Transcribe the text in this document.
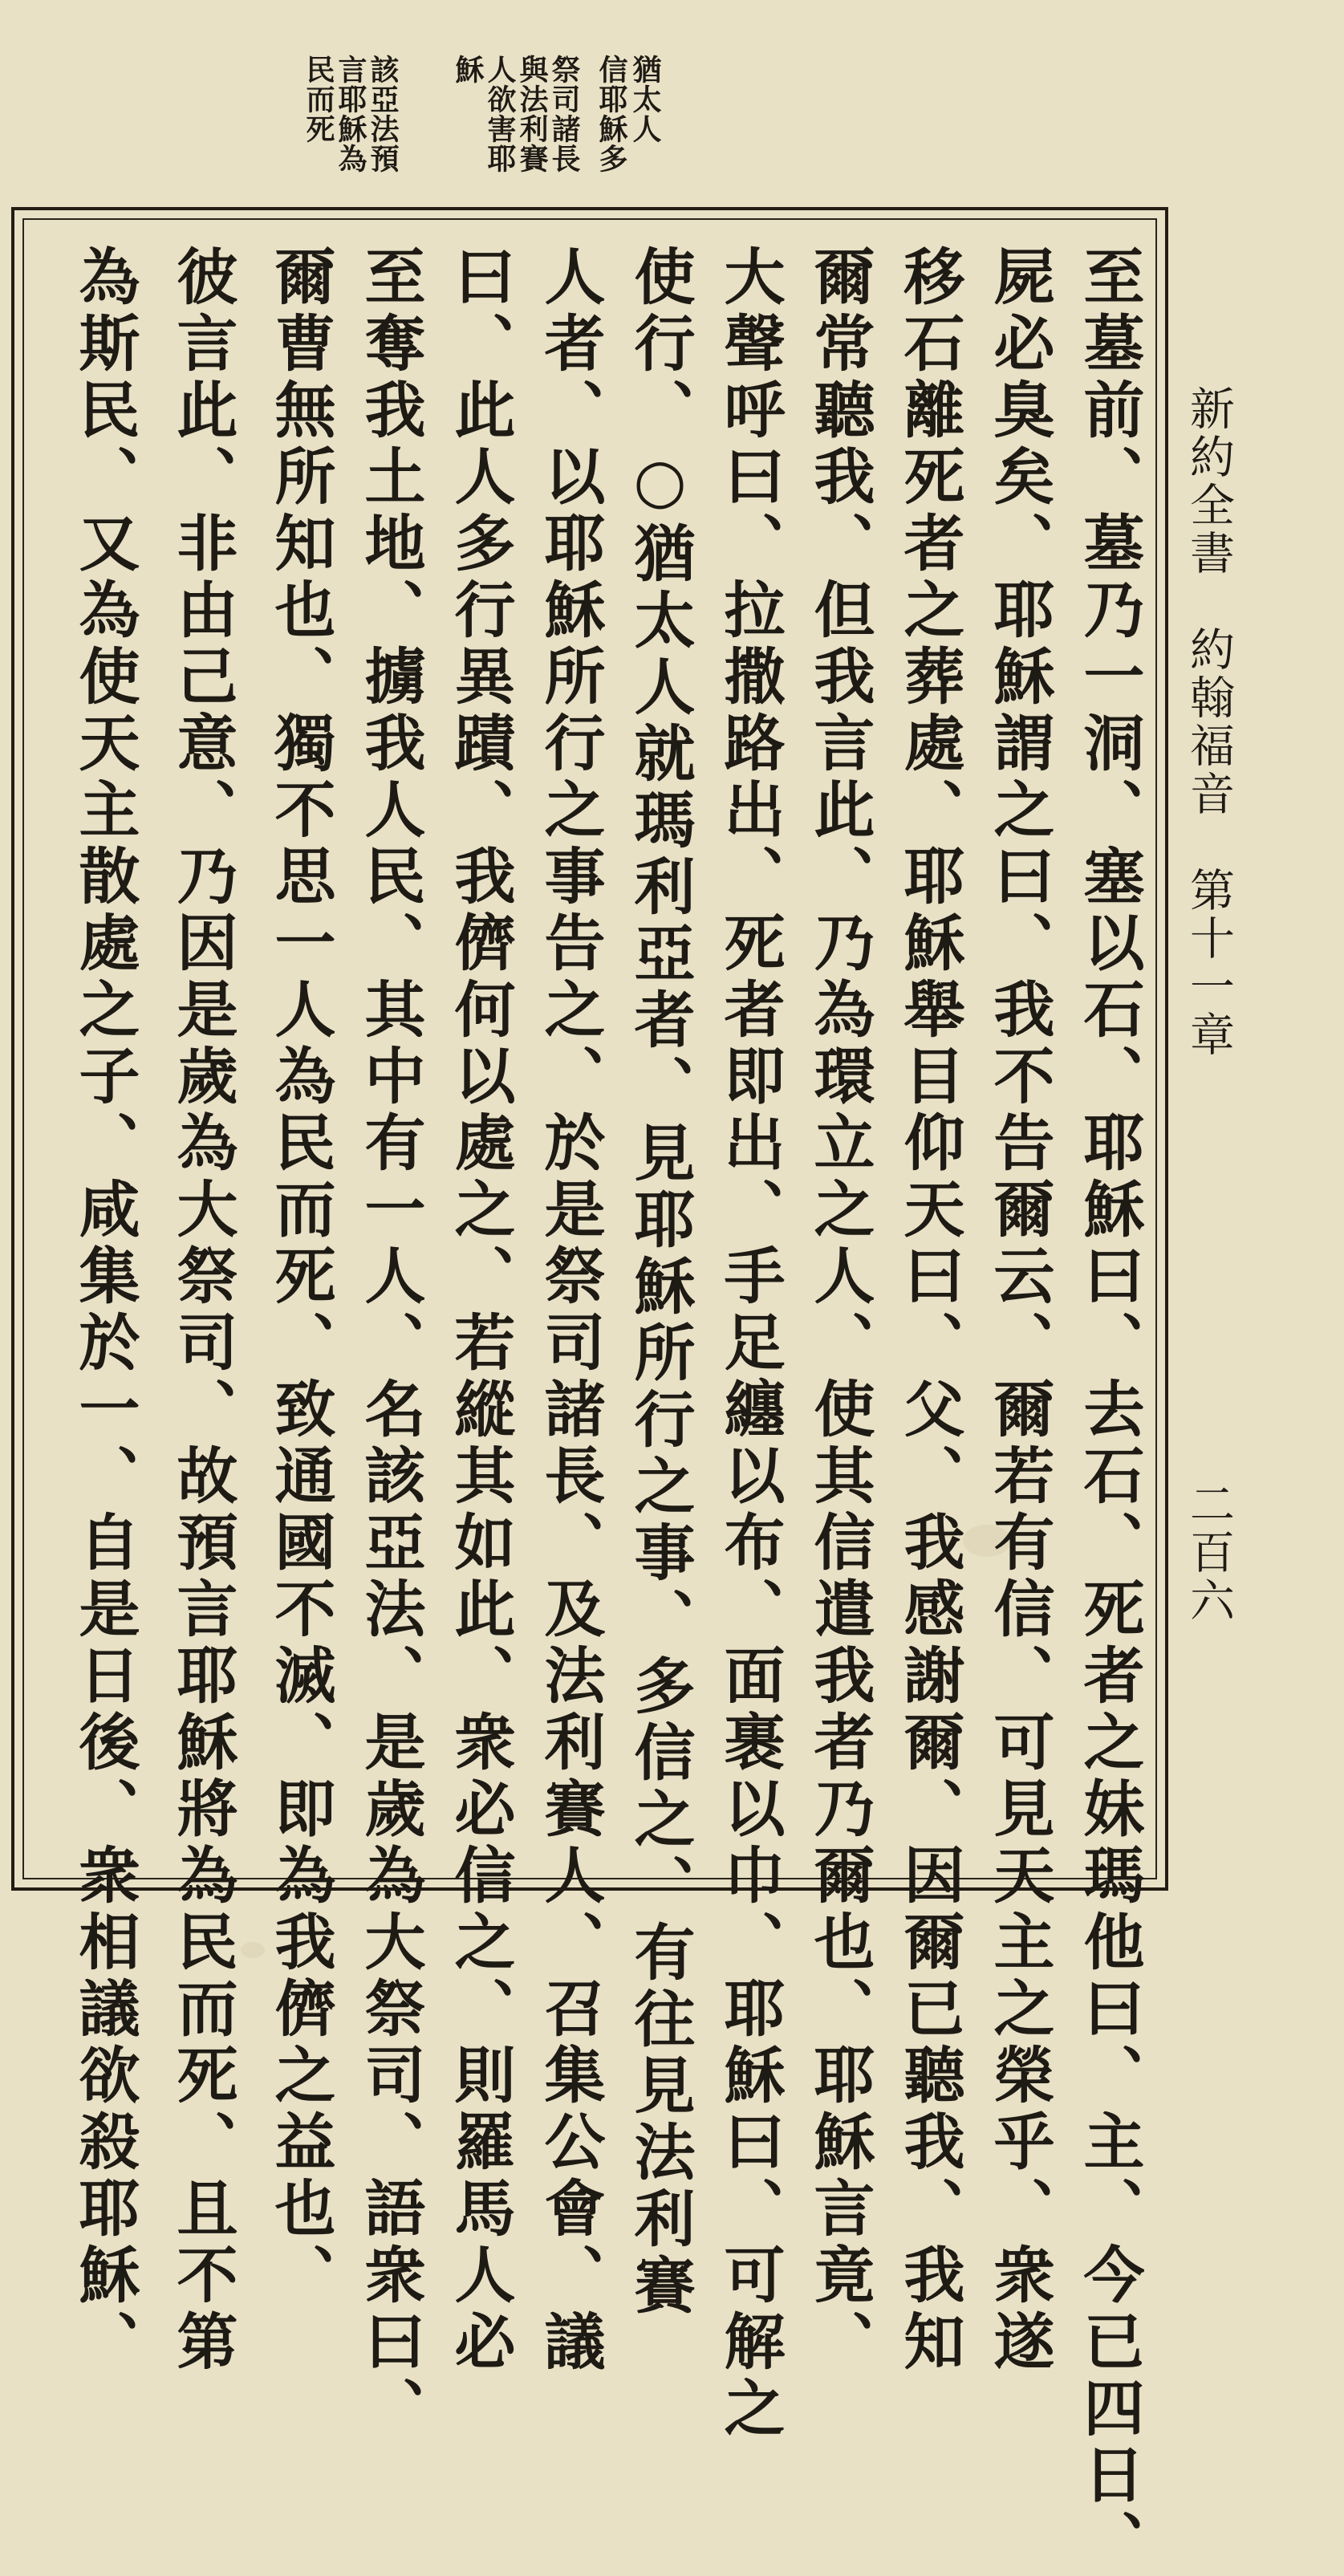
猶太人
信耶穌多
祭司諸長
與法利賽
人欲害耶
穌
該亞法預
言耶穌為
民而死
新約全書　約翰福音　第十一章
二百六
至墓前、墓乃一洞、塞以石、耶穌曰、去石、死者之妹瑪他曰、主、今已四日、
屍必臭矣、耶穌謂之曰、我不告爾云、爾若有信、可見天主之榮乎、衆遂
移石離死者之葬處、耶穌舉目仰天曰、父、我感謝爾、因爾已聽我、我知
爾常聽我、但我言此、乃為環立之人、使其信遣我者乃爾也、耶穌言竟、
大聲呼曰、拉撒路出、死者即出、手足纏以布、面裹以巾、耶穌曰、可解之
使行、○猶太人就瑪利亞者、見耶穌所行之事、多信之、有往見法利賽
人者、以耶穌所行之事告之、於是祭司諸長、及法利賽人、召集公會、議
曰、此人多行異蹟、我儕何以處之、若縱其如此、衆必信之、則羅馬人必
至奪我土地、擄我人民、其中有一人、名該亞法、是歲為大祭司、語衆曰、
爾曹無所知也、獨不思一人為民而死、致通國不滅、即為我儕之益也、
彼言此、非由己意、乃因是歲為大祭司、故預言耶穌將為民而死、且不第
為斯民、又為使天主散處之子、咸集於一、自是日後、衆相議欲殺耶穌、
